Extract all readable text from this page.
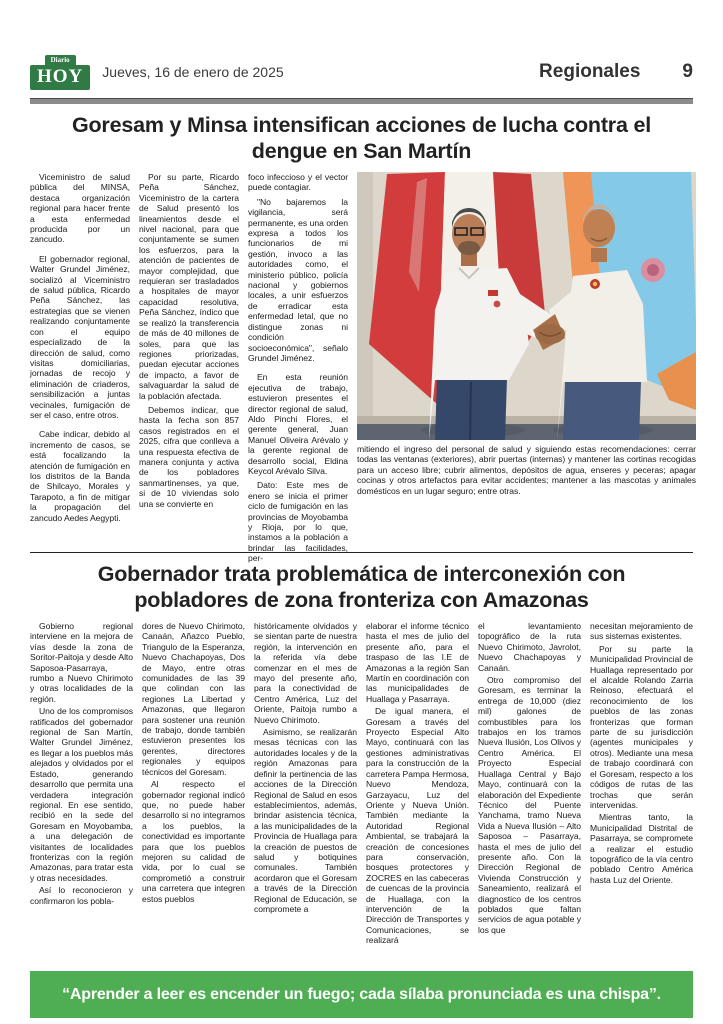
Diario
HOY	Jueves, 16 de enero de 2025	Regionales 9
Goresam y Minsa intensifican acciones de lucha contra el dengue en San Martín

Viceministro de salud pública del MINSA, destaca organización regional para hacer frente a esta enfermedad producida por un zancudo.

El gobernador regional, Walter Grundel Jiménez, socializó al Viceministro de salud pública, Ricardo Peña Sánchez, las estrategias que se vienen realizando conjuntamente con el equipo especializado de la dirección de salud, como visitas domiciliarias, jornadas de recojo y eliminación de criaderos, sensibilización a juntas vecinales, fumigación de ser el caso, entre otros.

Cabe indicar, debido al incremento de casos, se está focalizando la atención de fumigación en los distritos de la Banda de Shilcayo, Morales y Tarapoto, a fin de mitigar la propagación del zancudo Aedes Aegypti.

Por su parte, Ricardo Peña Sánchez, Viceministro de la cartera de Salud presentó los lineamientos desde el nivel nacional, para que conjuntamente se sumen los esfuerzos, para la atención de pacientes de mayor complejidad, que requieran ser trasladados a hospitales de mayor capacidad resolutiva, Peña Sánchez, índico que se realizó la transferencia de más de 40 millones de soles, para que las regiones priorizadas, puedan ejecutar acciones de impacto, a favor de salvaguardar la salud de la población afectada.

Debemos indicar, que hasta la fecha son 857 casos registrados en el 2025, cifra que conlleva a una respuesta efectiva de manera conjunta y activa de los pobladores sanmartinenses, ya que, si de 10 viviendas solo una se convierte en

foco infeccioso y el vector puede contagiar.

"No bajaremos la vigilancia, será permanente, es una orden expresa a todos los funcionarios de mi gestión, invoco a las autoridades como, el ministerio público, policía nacional y gobiernos locales, a unir esfuerzos de erradicar esta enfermedad letal, que no distingue zonas ni condición socioeconómica", señalo Grundel Jiménez.

En esta reunión ejecutiva de trabajo, estuvieron presentes el director regional de salud, Aldo Pinchi Flores, el gerente general, Juan Manuel Oliveira Arévalo y la gerente regional de desarrollo social, Eldina Keycol Arévalo Silva.

Dato: Este mes de enero se inicia el primer ciclo de fumigación en las provincias de Moyobamba y Rioja, por lo que, instamos a la población a brindar las facilidades, per-

mitiendo el ingreso del personal de salud y siguiendo estas recomendaciones: cerrar todas las ventanas (exteriores), abrir puertas (internas) y mantener las cortinas recogidas para un acceso libre; cubrir alimentos, depósitos de agua, enseres y peceras; apagar cocinas y otros artefactos para evitar accidentes; mantener a las mascotas y animales domésticos en un lugar seguro; entre otras.
Gobernador trata problemática de interconexión con pobladores de zona fronteriza con Amazonas

Gobierno regional interviene en la mejora de vías desde la zona de Soritor-Paitoja y desde Alto Saposoa-Pasarraya, rumbo a Nuevo Chirimoto y otras localidades de la región.

Uno de los compromisos ratificados del gobernador regional de San Martín, Walter Grundel Jiménez, es llegar a los pueblos más alejados y olvidados por el Estado, generando desarrollo que permita una verdadera integración regional. En ese sentido, recibió en la sede del Goresam en Moyobamba, a una delegación de visitantes de localidades fronterizas con la región Amazonas, para tratar esta y otras necesidades.

Así lo reconocieron y confirmaron los pobla-

dores de Nuevo Chirimoto, Canaán, Añazco Pueblo, Triangulo de la Esperanza, Nuevo Chachapoyas, Dos de Mayo, entre otras comunidades de las 39 que colindan con las regiones La Libertad y Amazonas, que llegaron para sostener una reunión de trabajo, donde también estuvieron presentes los gerentes, directores regionales y equipos técnicos del Goresam.

Al respecto el gobernador regional indicó que, no puede haber desarrollo si no integramos a los pueblos, la conectividad es importante para que los pueblos mejoren su calidad de vida, por lo cual se comprometió a construir una carretera que integren estos pueblos

históricamente olvidados y se sientan parte de nuestra región, la intervención en la referida vía debe comenzar en el mes de mayo del presente año, para la conectividad de Centro América, Luz del Oriente, Paitoja rumbo a Nuevo Chirimoto.

Asimismo, se realizarán mesas técnicas con las autoridades locales y de la región Amazonas para definir la pertinencia de las acciones de la Dirección Regional de Salud en esos establecimientos, además, brindar asistencia técnica, a las municipalidades de la Provincia de Huallaga para la creación de puestos de salud y botiquines comunales. También acordaron que el Goresam a través de la Dirección Regional de Educación, se compromete a

elaborar el informe técnico hasta el mes de julio del presente año, para el traspaso de las I.E de Amazonas a la región San Martín en coordinación con las municipalidades de Huallaga y Pasarraya.

De igual manera, el Goresam a través del Proyecto Especial Alto Mayo, continuará con las gestiones administrativas para la construcción de la carretera Pampa Hermosa, Nuevo Mendoza, Garzayacu, Luz del Oriente y Nueva Unión. También mediante la Autoridad Regional Ambiental, se trabajará la creación de concesiones para conservación, bosques protectores y ZOCRES en las cabeceras de cuencas de la provincia de Huallaga, con la intervención de la Dirección de Transportes y Comunicaciones, se realizará

el levantamiento topográfico de la ruta Nuevo Chirimoto, Javrolot, Nuevo Chachapoyas y Canaán.

Otro compromiso del Goresam, es terminar la entrega de 10,000 (diez mil) galones de combustibles para los trabajos en los tramos Nueva Ilusión, Los Olivos y Centro América. El Proyecto Especial Huallaga Central y Bajo Mayo, continuará con la elaboración del Expediente Técnico del Puente Yanchama, tramo Nueva Vida a Nueva Ilusión – Alto Saposoa – Pasarraya, hasta el mes de julio del presente año. Con la Dirección Regional de Vivienda Construcción y Saneamiento, realizará el diagnostico de los centros poblados que faltan servicios de agua potable y los que

necesitan mejoramiento de sus sistemas existentes.

Por su parte la Municipalidad Provincial de Huallaga representado por el alcalde Rolando Zarria Reinoso, efectuará el reconocimiento de los pueblos de las zonas fronterizas que forman parte de su jurisdicción (agentes municipales y otros). Mediante una mesa de trabajo coordinará con el Goresam, respecto a los códigos de rutas de las trochas que serán intervenidas.

Mientras tanto, la Municipalidad Distrital de Pasarraya, se compromete a realizar el estudio topográfico de la vía centro poblado Centro América hasta Luz del Oriente.

“Aprender a leer es encender un fuego; cada sílaba pronunciada es una chispa”.
